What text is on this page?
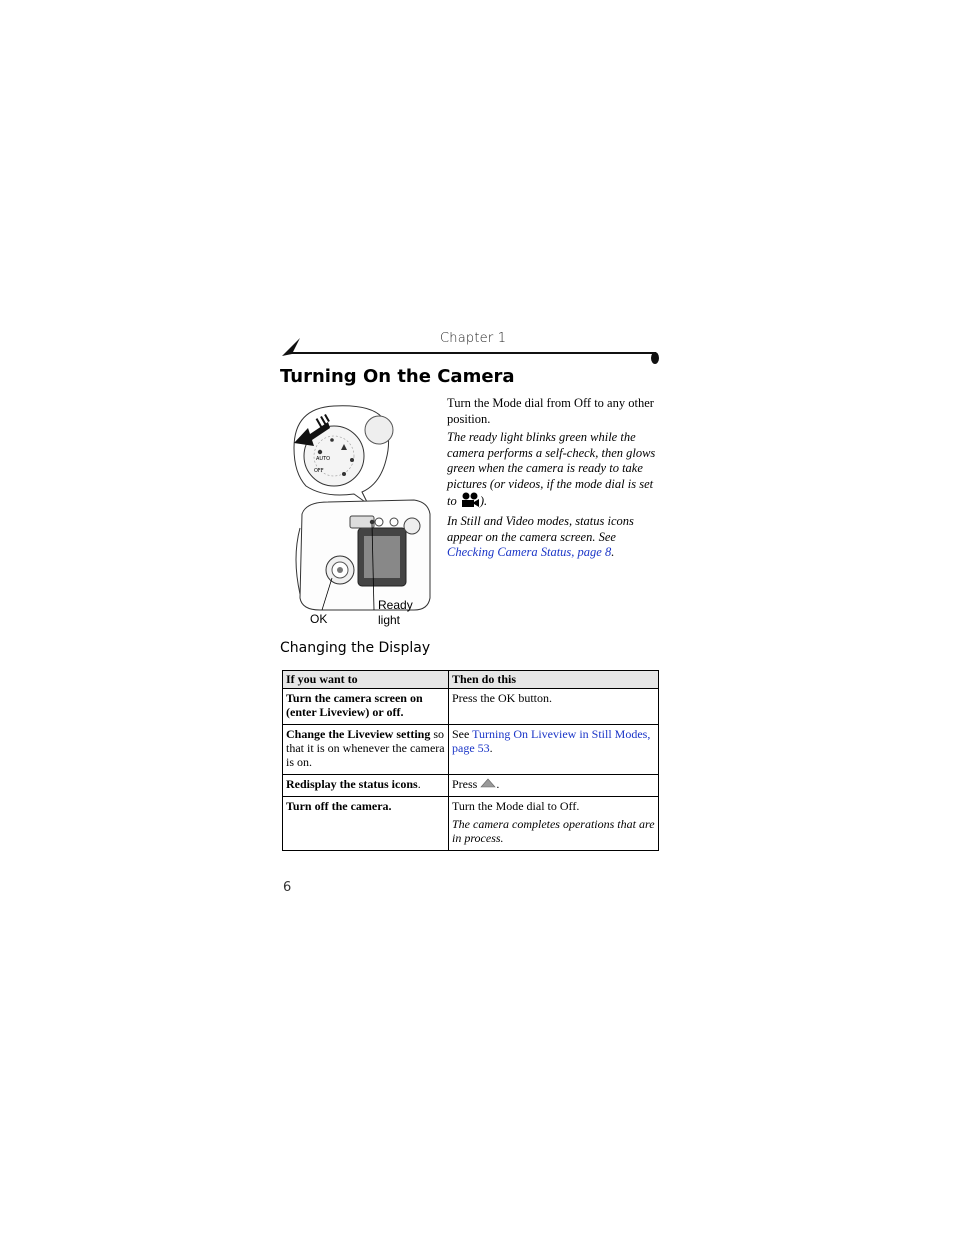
Chapter 1
Turning On the Camera
AUTO
OFF
OK
Ready light
Turn the Mode dial from Off to any other position.
The ready light blinks green while the camera performs a self-check, then glows green when the camera is ready to take pictures (or videos, if the mode dial is set to ).
In Still and Video modes, status icons appear on the camera screen. See Checking Camera Status, page 8.
Changing the Display
If you want to	Then do this
Turn the camera screen on (enter Liveview) or off.	Press the OK button.
Change the Liveview setting so that it is on whenever the camera is on.	See Turning On Liveview in Still Modes, page 53.
Redisplay the status icons.	Press .
Turn off the camera.	Turn the Mode dial to Off.

The camera completes operations that are in process.

6
